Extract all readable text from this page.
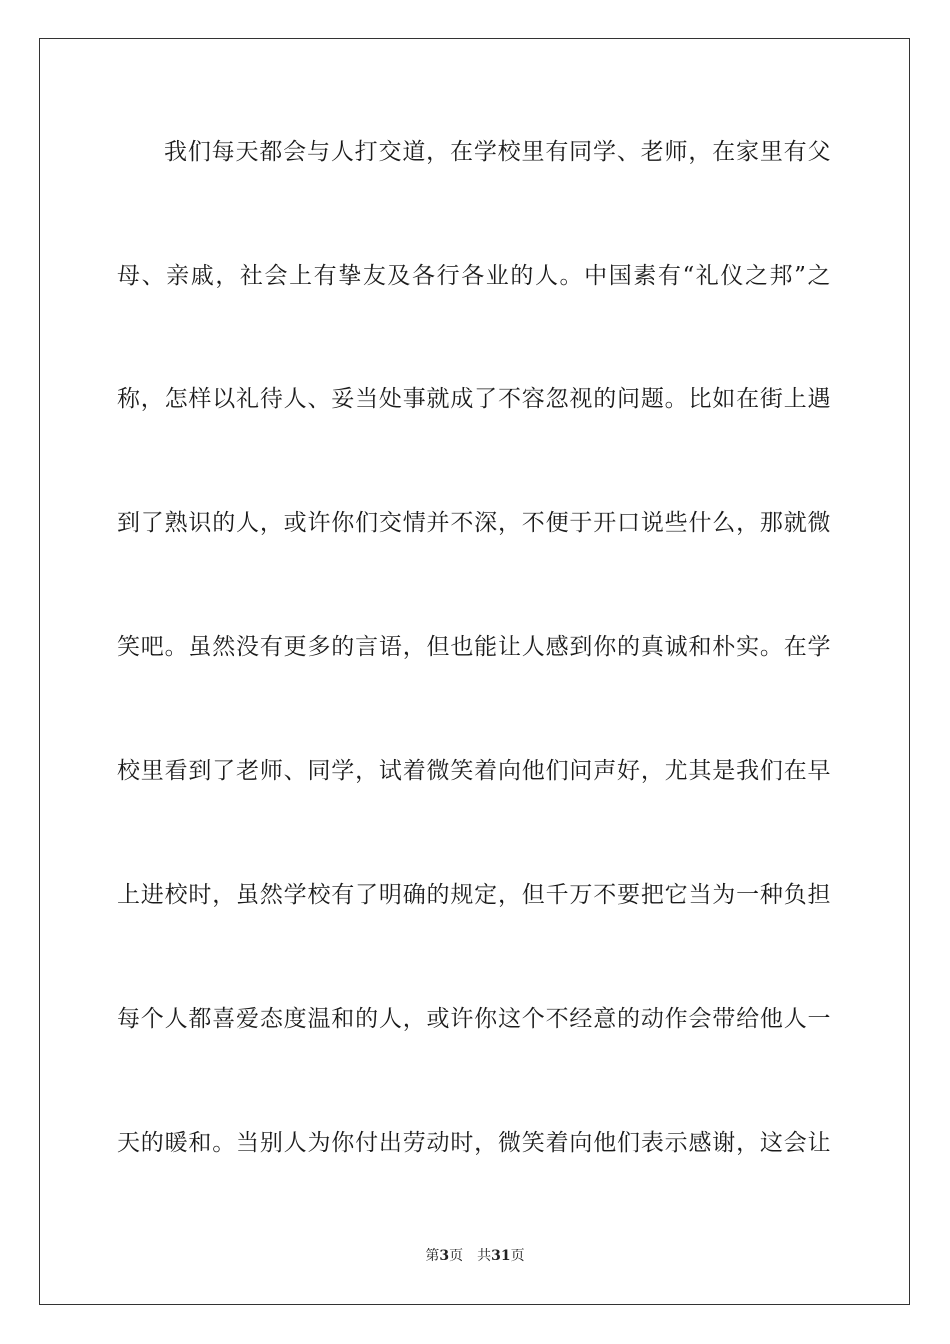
我们每天都会与人打交道，在学校里有同学、老师，在家里有父
母、亲戚，社会上有挚友及各行各业的人。中国素有“礼仪之邦”之
称，怎样以礼待人、妥当处事就成了不容忽视的问题。比如在街上遇
到了熟识的人，或许你们交情并不深，不便于开口说些什么，那就微
笑吧。虽然没有更多的言语，但也能让人感到你的真诚和朴实。在学
校里看到了老师、同学，试着微笑着向他们问声好，尤其是我们在早
上进校时，虽然学校有了明确的规定，但千万不要把它当为一种负担
每个人都喜爱态度温和的人，或许你这个不经意的动作会带给他人一
天的暖和。当别人为你付出劳动时，微笑着向他们表示感谢，这会让
第3页 共31页
